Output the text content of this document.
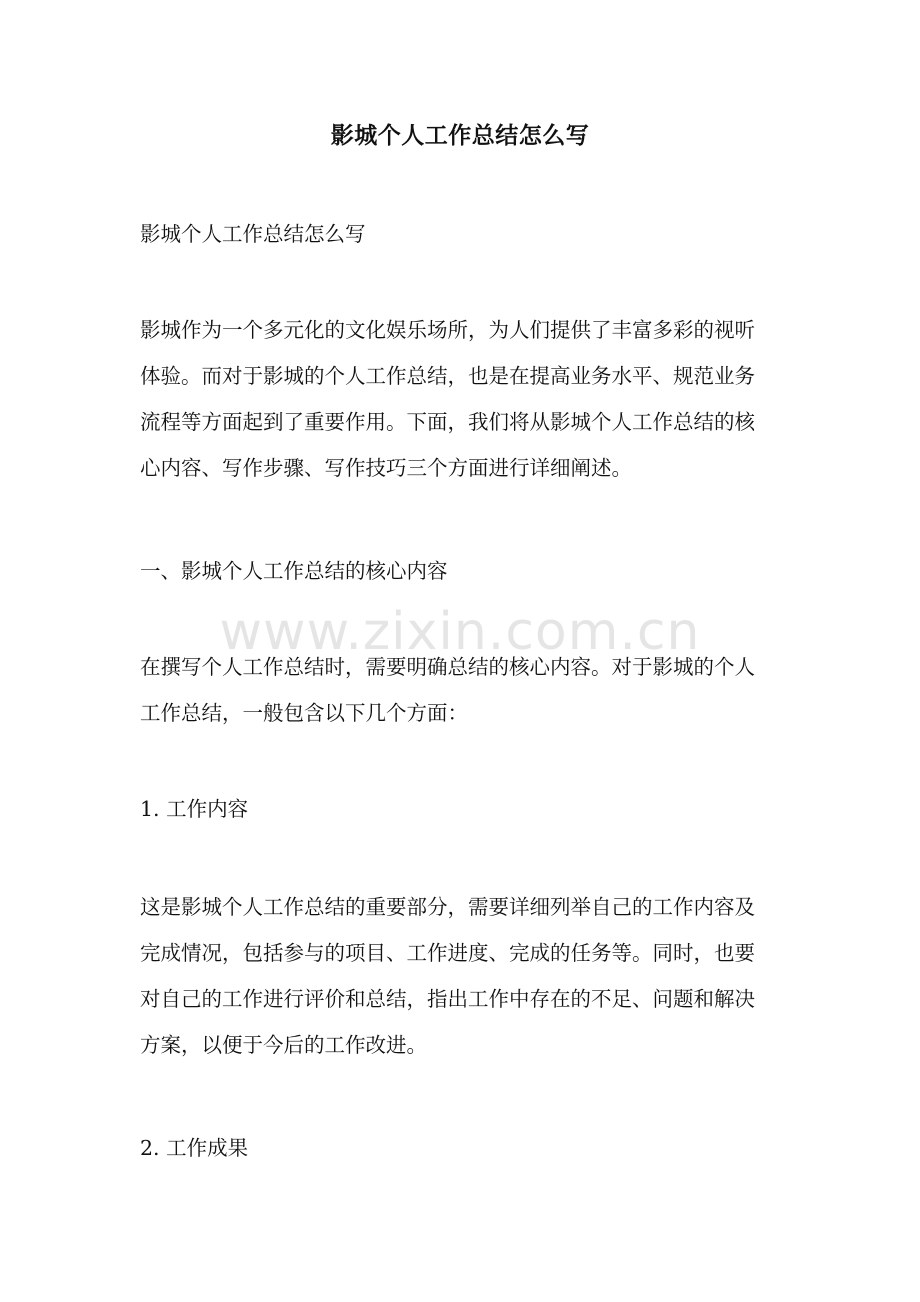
影城个人工作总结怎么写

影城个人工作总结怎么写

影城作为一个多元化的文化娱乐场所，为人们提供了丰富多彩的视听

体验。而对于影城的个人工作总结，也是在提高业务水平、规范业务

流程等方面起到了重要作用。下面，我们将从影城个人工作总结的核

心内容、写作步骤、写作技巧三个方面进行详细阐述。

一、影城个人工作总结的核心内容

在撰写个人工作总结时，需要明确总结的核心内容。对于影城的个人

工作总结，一般包含以下几个方面：

1. 工作内容

这是影城个人工作总结的重要部分，需要详细列举自己的工作内容及

完成情况，包括参与的项目、工作进度、完成的任务等。同时，也要

对自己的工作进行评价和总结，指出工作中存在的不足、问题和解决

方案，以便于今后的工作改进。

2. 工作成果

www.zixin.com.cn
